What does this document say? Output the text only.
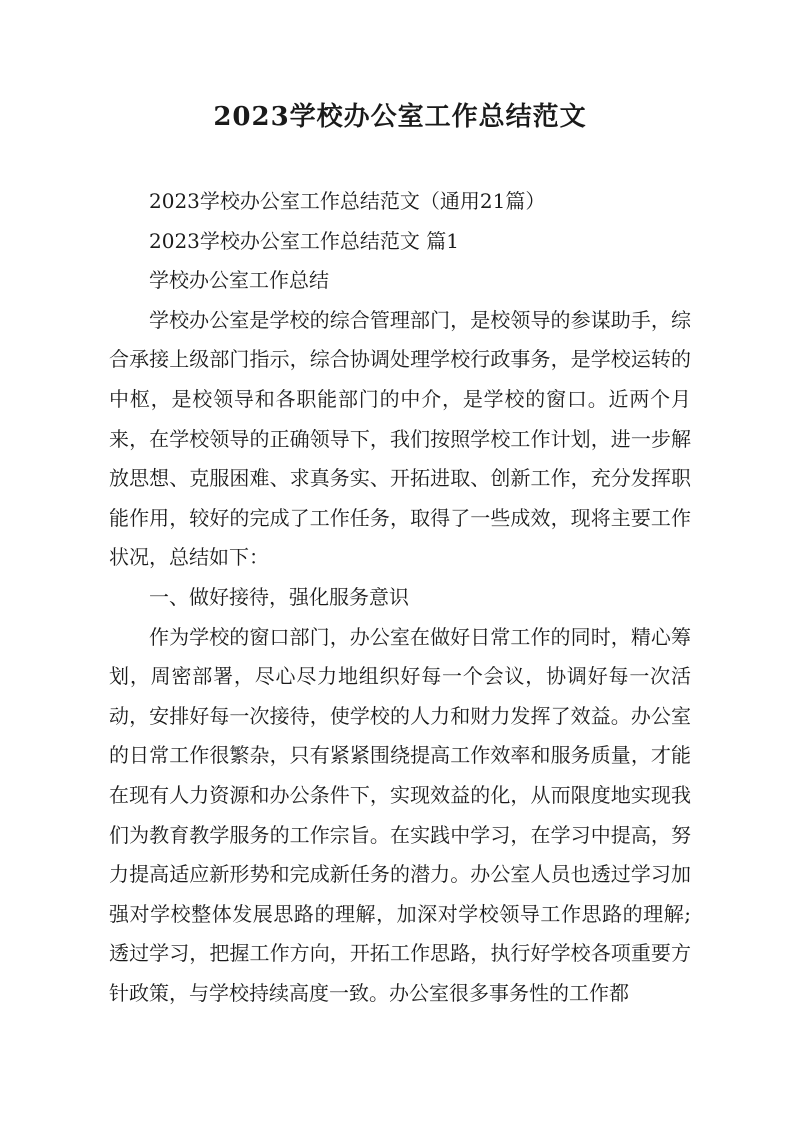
2023学校办公室工作总结范文

2023学校办公室工作总结范文（通用21篇）

2023学校办公室工作总结范文 篇1

学校办公室工作总结

学校办公室是学校的综合管理部门，是校领导的参谋助手，综合承接上级部门指示，综合协调处理学校行政事务，是学校运转的中枢，是校领导和各职能部门的中介，是学校的窗口。近两个月来，在学校领导的正确领导下，我们按照学校工作计划，进一步解放思想、克服困难、求真务实、开拓进取、创新工作，充分发挥职能作用，较好的完成了工作任务，取得了一些成效，现将主要工作状况，总结如下：

一、做好接待，强化服务意识

作为学校的窗口部门，办公室在做好日常工作的同时，精心筹划，周密部署，尽心尽力地组织好每一个会议，协调好每一次活动，安排好每一次接待，使学校的人力和财力发挥了效益。办公室的日常工作很繁杂，只有紧紧围绕提高工作效率和服务质量，才能在现有人力资源和办公条件下，实现效益的化，从而限度地实现我们为教育教学服务的工作宗旨。在实践中学习，在学习中提高，努力提高适应新形势和完成新任务的潜力。办公室人员也透过学习加强对学校整体发展思路的理解，加深对学校领导工作思路的理解;透过学习，把握工作方向，开拓工作思路，执行好学校各项重要方针政策，与学校持续高度一致。办公室很多事务性的工作都
